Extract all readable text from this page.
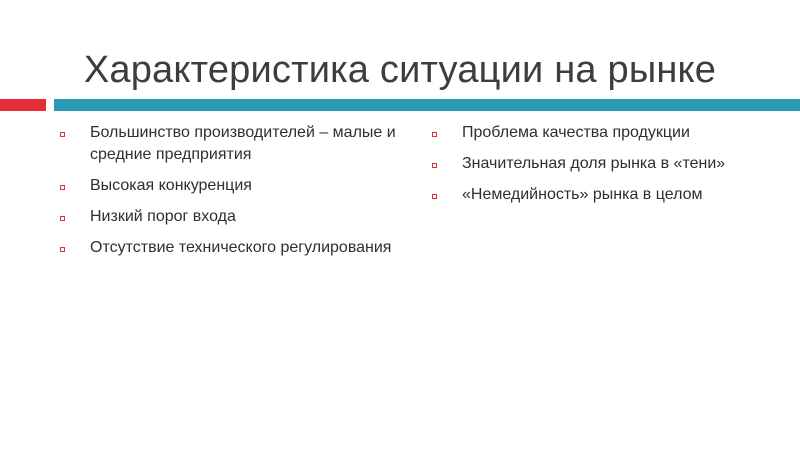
Характеристика ситуации на рынке
Большинство производителей – малые и средние предприятия
Высокая конкуренция
Низкий порог входа
Отсутствие технического регулирования
Проблема качества продукции
Значительная доля рынка в «тени»
«Немедийность» рынка в целом
